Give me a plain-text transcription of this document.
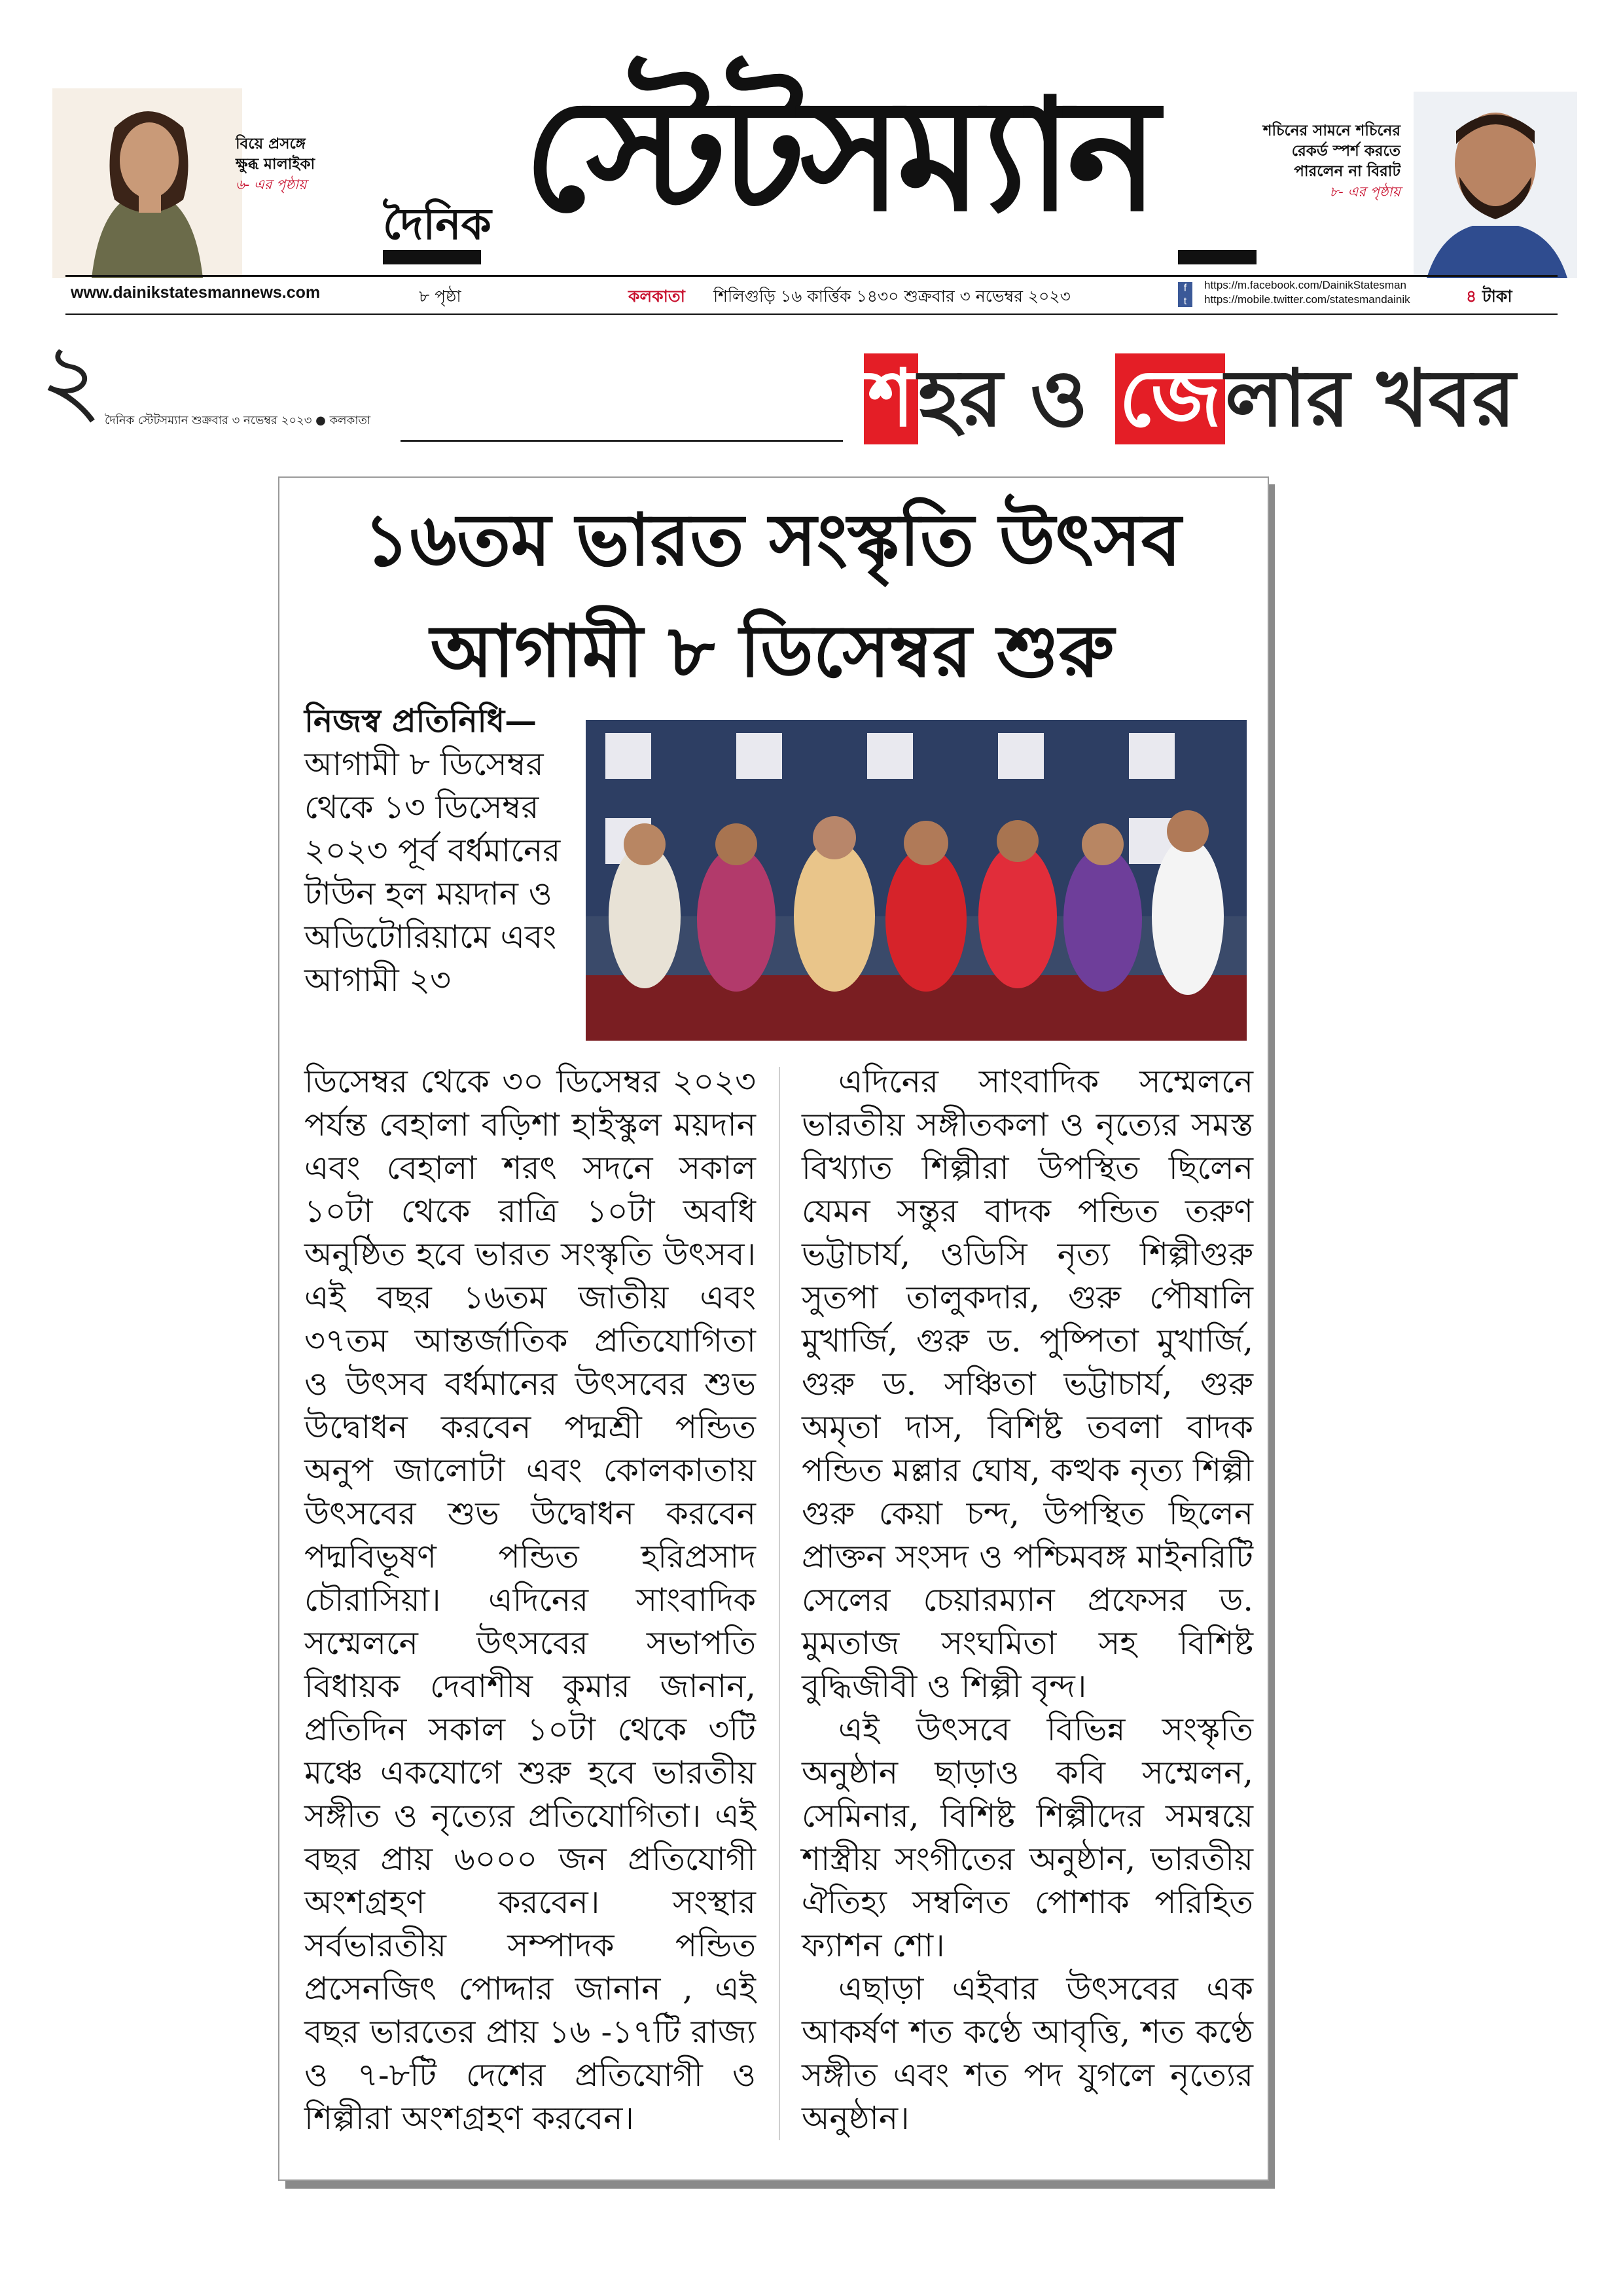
বিয়ে প্রসঙ্গে
ক্ষুব্ধ মালাইকা
৬- এর পৃষ্ঠায়
দৈনিক স্টেটসম্যান	শচিনের সামনে শচিনের
রেকর্ড স্পর্শ করতে
পারলেন না বিরাট
৮- এর পৃষ্ঠায়
www.dainikstatesmannews.com	৮ পৃষ্ঠা	কলকাতা শিলিগুড়ি ১৬ কার্ত্তিক ১৪৩০ শুক্রবার ৩ নভেম্বর ২০২৩	f
t
https://m.facebook.com/DainikStatesman
https://mobile.twitter.com/statesmandainik	৪ টাকা
২ দৈনিক স্টেটসম্যান শুক্রবার ৩ নভেম্বর ২০২৩ ● কলকাতা	শহর ও জেলার খবর
১৬তম ভারত সংস্কৃতি উৎসব
আগামী ৮ ডিসেম্বর শুরু
নিজস্ব প্রতিনিধি— আগামী ৮ ডিসেম্বর থেকে ১৩ ডিসেম্বর ২০২৩ পূর্ব বর্ধমানের টাউন হল ময়দান ও অডিটোরিয়ামে এবং আগামী ২৩

ডিসেম্বর থেকে ৩০ ডিসেম্বর ২০২৩ পর্যন্ত বেহালা বড়িশা হাইস্কুল ময়দান এবং বেহালা শরৎ সদনে সকাল ১০টা থেকে রাত্রি ১০টা অবধি অনুষ্ঠিত হবে ভারত সংস্কৃতি উৎসব। এই বছর ১৬তম জাতীয় এবং ৩৭তম আন্তর্জাতিক প্রতিযোগিতা ও উৎসব বর্ধমানের উৎসবের শুভ উদ্বোধন করবেন পদ্মশ্রী পন্ডিত অনুপ জালোটা এবং কোলকাতায় উৎসবের শুভ উদ্বোধন করবেন পদ্মবিভূষণ পন্ডিত হরিপ্রসাদ চৌরাসিয়া। এদিনের সাংবাদিক সম্মেলনে উৎসবের সভাপতি বিধায়ক দেবাশীষ কুমার জানান, প্রতিদিন সকাল ১০টা থেকে ৩টি মঞ্চে একযোগে শুরু হবে ভারতীয় সঙ্গীত ও নৃত্যের প্রতিযোগিতা। এই বছর প্রায় ৬০০০ জন প্রতিযোগী অংশগ্রহণ করবেন। সংস্থার সর্বভারতীয় সম্পাদক পন্ডিত প্রসেনজিৎ পোদ্দার জানান , এই বছর ভারতের প্রায় ১৬ -১৭টি রাজ্য ও ৭-৮টি দেশের প্রতিযোগী ও শিল্পীরা অংশগ্রহণ করবেন।

এদিনের সাংবাদিক সম্মেলনে ভারতীয় সঙ্গীতকলা ও নৃত্যের সমস্ত বিখ্যাত শিল্পীরা উপস্থিত ছিলেন যেমন সন্তুর বাদক পন্ডিত তরুণ ভট্টাচার্য, ওডিসি নৃত্য শিল্পীগুরু সুতপা তালুকদার, গুরু পৌষালি মুখার্জি, গুরু ড. পুষ্পিতা মুখার্জি, গুরু ড. সঞ্চিতা ভট্টাচার্য, গুরু অমৃতা দাস, বিশিষ্ট তবলা বাদক পন্ডিত মল্লার ঘোষ, কত্থক নৃত্য শিল্পী গুরু কেয়া চন্দ, উপস্থিত ছিলেন প্রাক্তন সংসদ ও পশ্চিমবঙ্গ মাইনরিটি সেলের চেয়ারম্যান প্রফেসর ড. মুমতাজ সংঘমিতা সহ বিশিষ্ট বুদ্ধিজীবী ও শিল্পী বৃন্দ।

এই উৎসবে বিভিন্ন সংস্কৃতি অনুষ্ঠান ছাড়াও কবি সম্মেলন, সেমিনার, বিশিষ্ট শিল্পীদের সমন্বয়ে শাস্ত্রীয় সংগীতের অনুষ্ঠান, ভারতীয় ঐতিহ্য সম্বলিত পোশাক পরিহিত ফ্যাশন শো।

এছাড়া এইবার উৎসবের এক আকর্ষণ শত কণ্ঠে আবৃত্তি, শত কণ্ঠে সঙ্গীত এবং শত পদ যুগলে নৃত্যের অনুষ্ঠান।
